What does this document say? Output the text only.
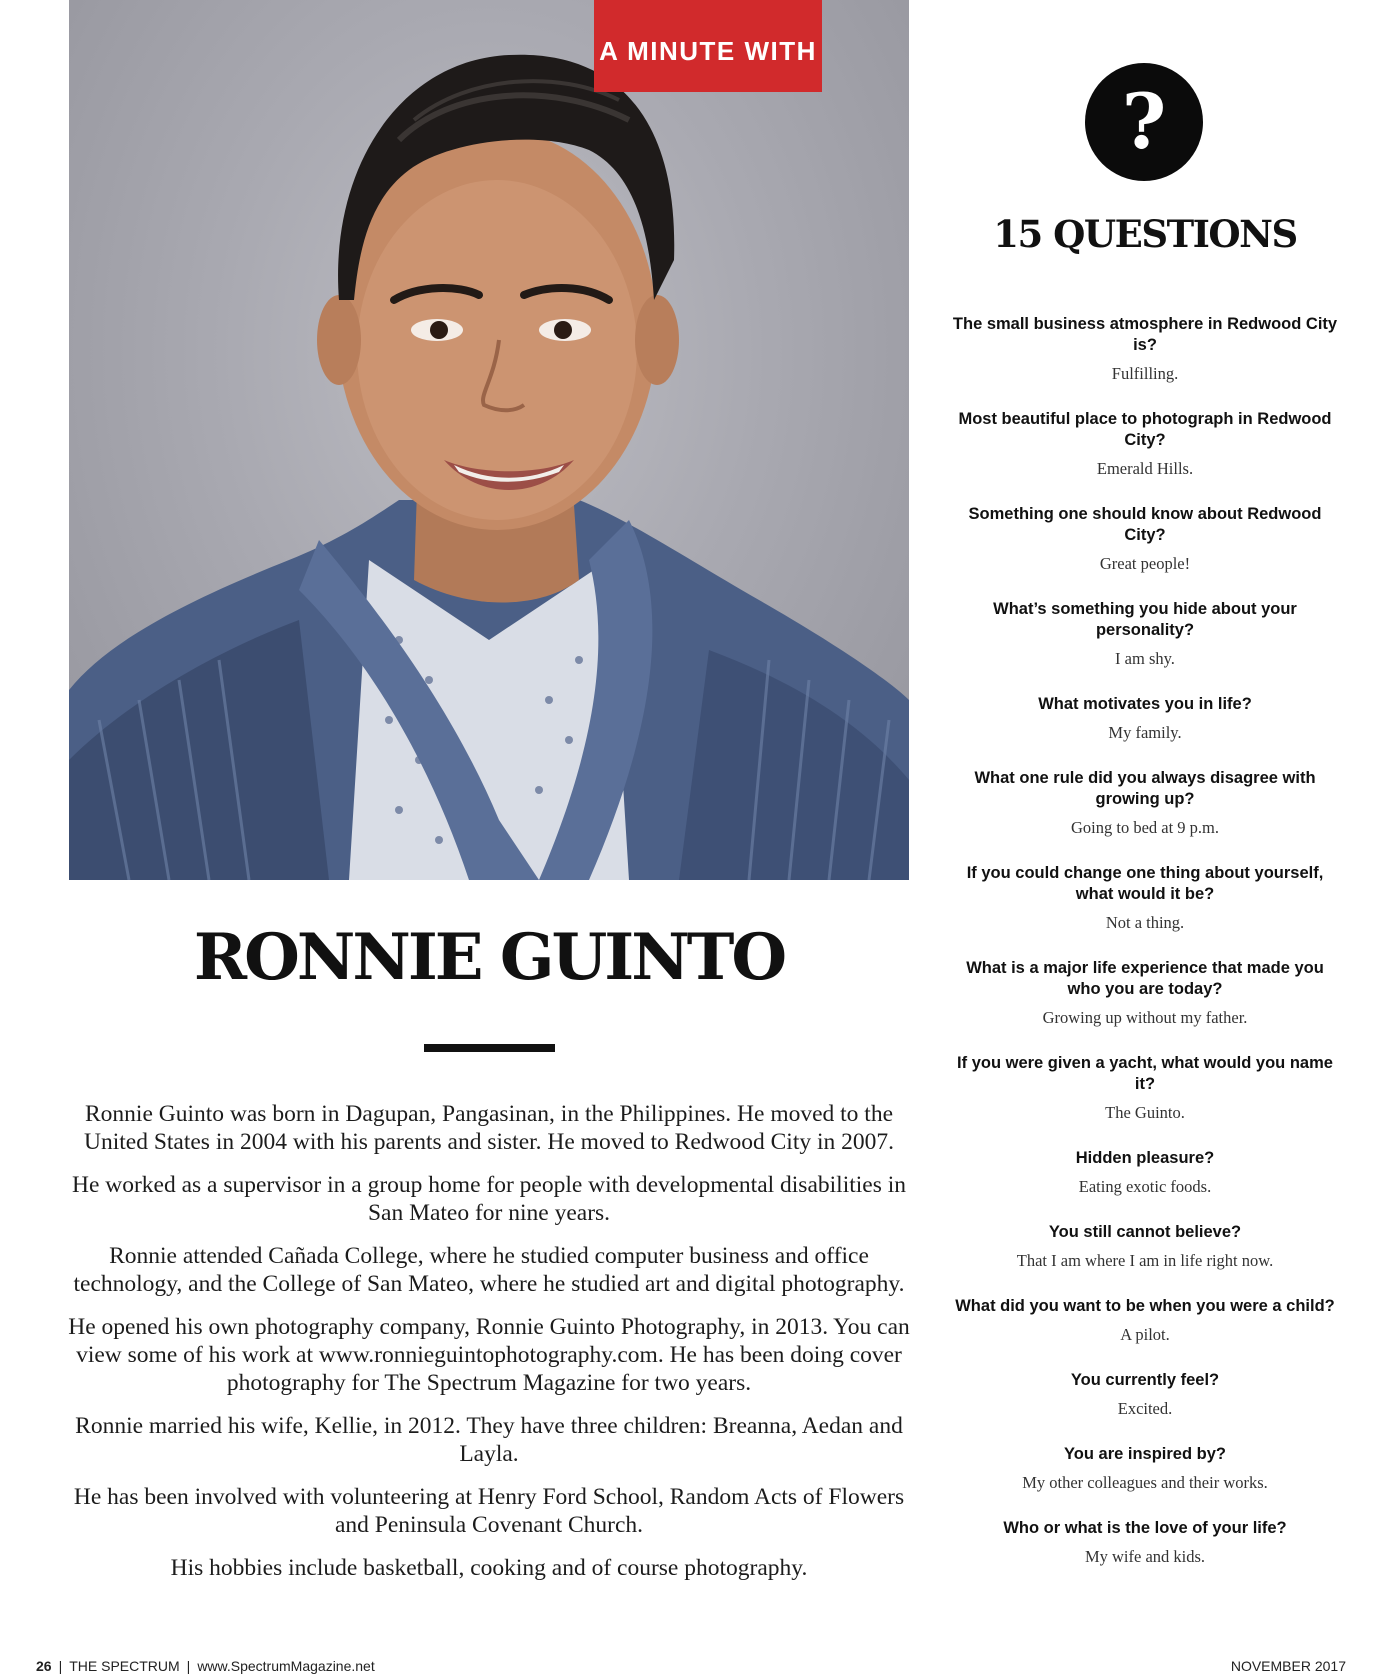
A MINUTE WITH
RONNIE GUINTO

Ronnie Guinto was born in Dagupan, Pangasinan, in the Philippines. He moved to the United States in 2004 with his parents and sister. He moved to Redwood City in 2007.

He worked as a supervisor in a group home for people with developmental disabilities in San Mateo for nine years.

Ronnie attended Cañada College, where he studied computer business and office technology, and the College of San Mateo, where he studied art and digital photography.

He opened his own photography company, Ronnie Guinto Photography, in 2013. You can view some of his work at www.ronnieguintophotography.com. He has been doing cover photography for The Spectrum Magazine for two years.

Ronnie married his wife, Kellie, in 2012. They have three children: Breanna, Aedan and Layla.

He has been involved with volunteering at Henry Ford School, Random Acts of Flowers and Peninsula Covenant Church.

His hobbies include basketball, cooking and of course photography.

?
15 QUESTIONS
The small business atmosphere in Redwood City is?
Fulfilling.
Most beautiful place to photograph in Redwood City?
Emerald Hills.
Something one should know about Redwood City?
Great people!
What’s something you hide about your personality?
I am shy.
What motivates you in life?
My family.
What one rule did you always disagree with growing up?
Going to bed at 9 p.m.
If you could change one thing about yourself, what would it be?
Not a thing.
What is a major life experience that made you who you are today?
Growing up without my father.
If you were given a yacht, what would you name it?
The Guinto.
Hidden pleasure?
Eating exotic foods.
You still cannot believe?
That I am where I am in life right now.
What did you want to be when you were a child?
A pilot.
You currently feel?
Excited.
You are inspired by?
My other colleagues and their works.
Who or what is the love of your life?
My wife and kids.
26 | THE SPECTRUM | www.SpectrumMagazine.net	NOVEMBER 2017
